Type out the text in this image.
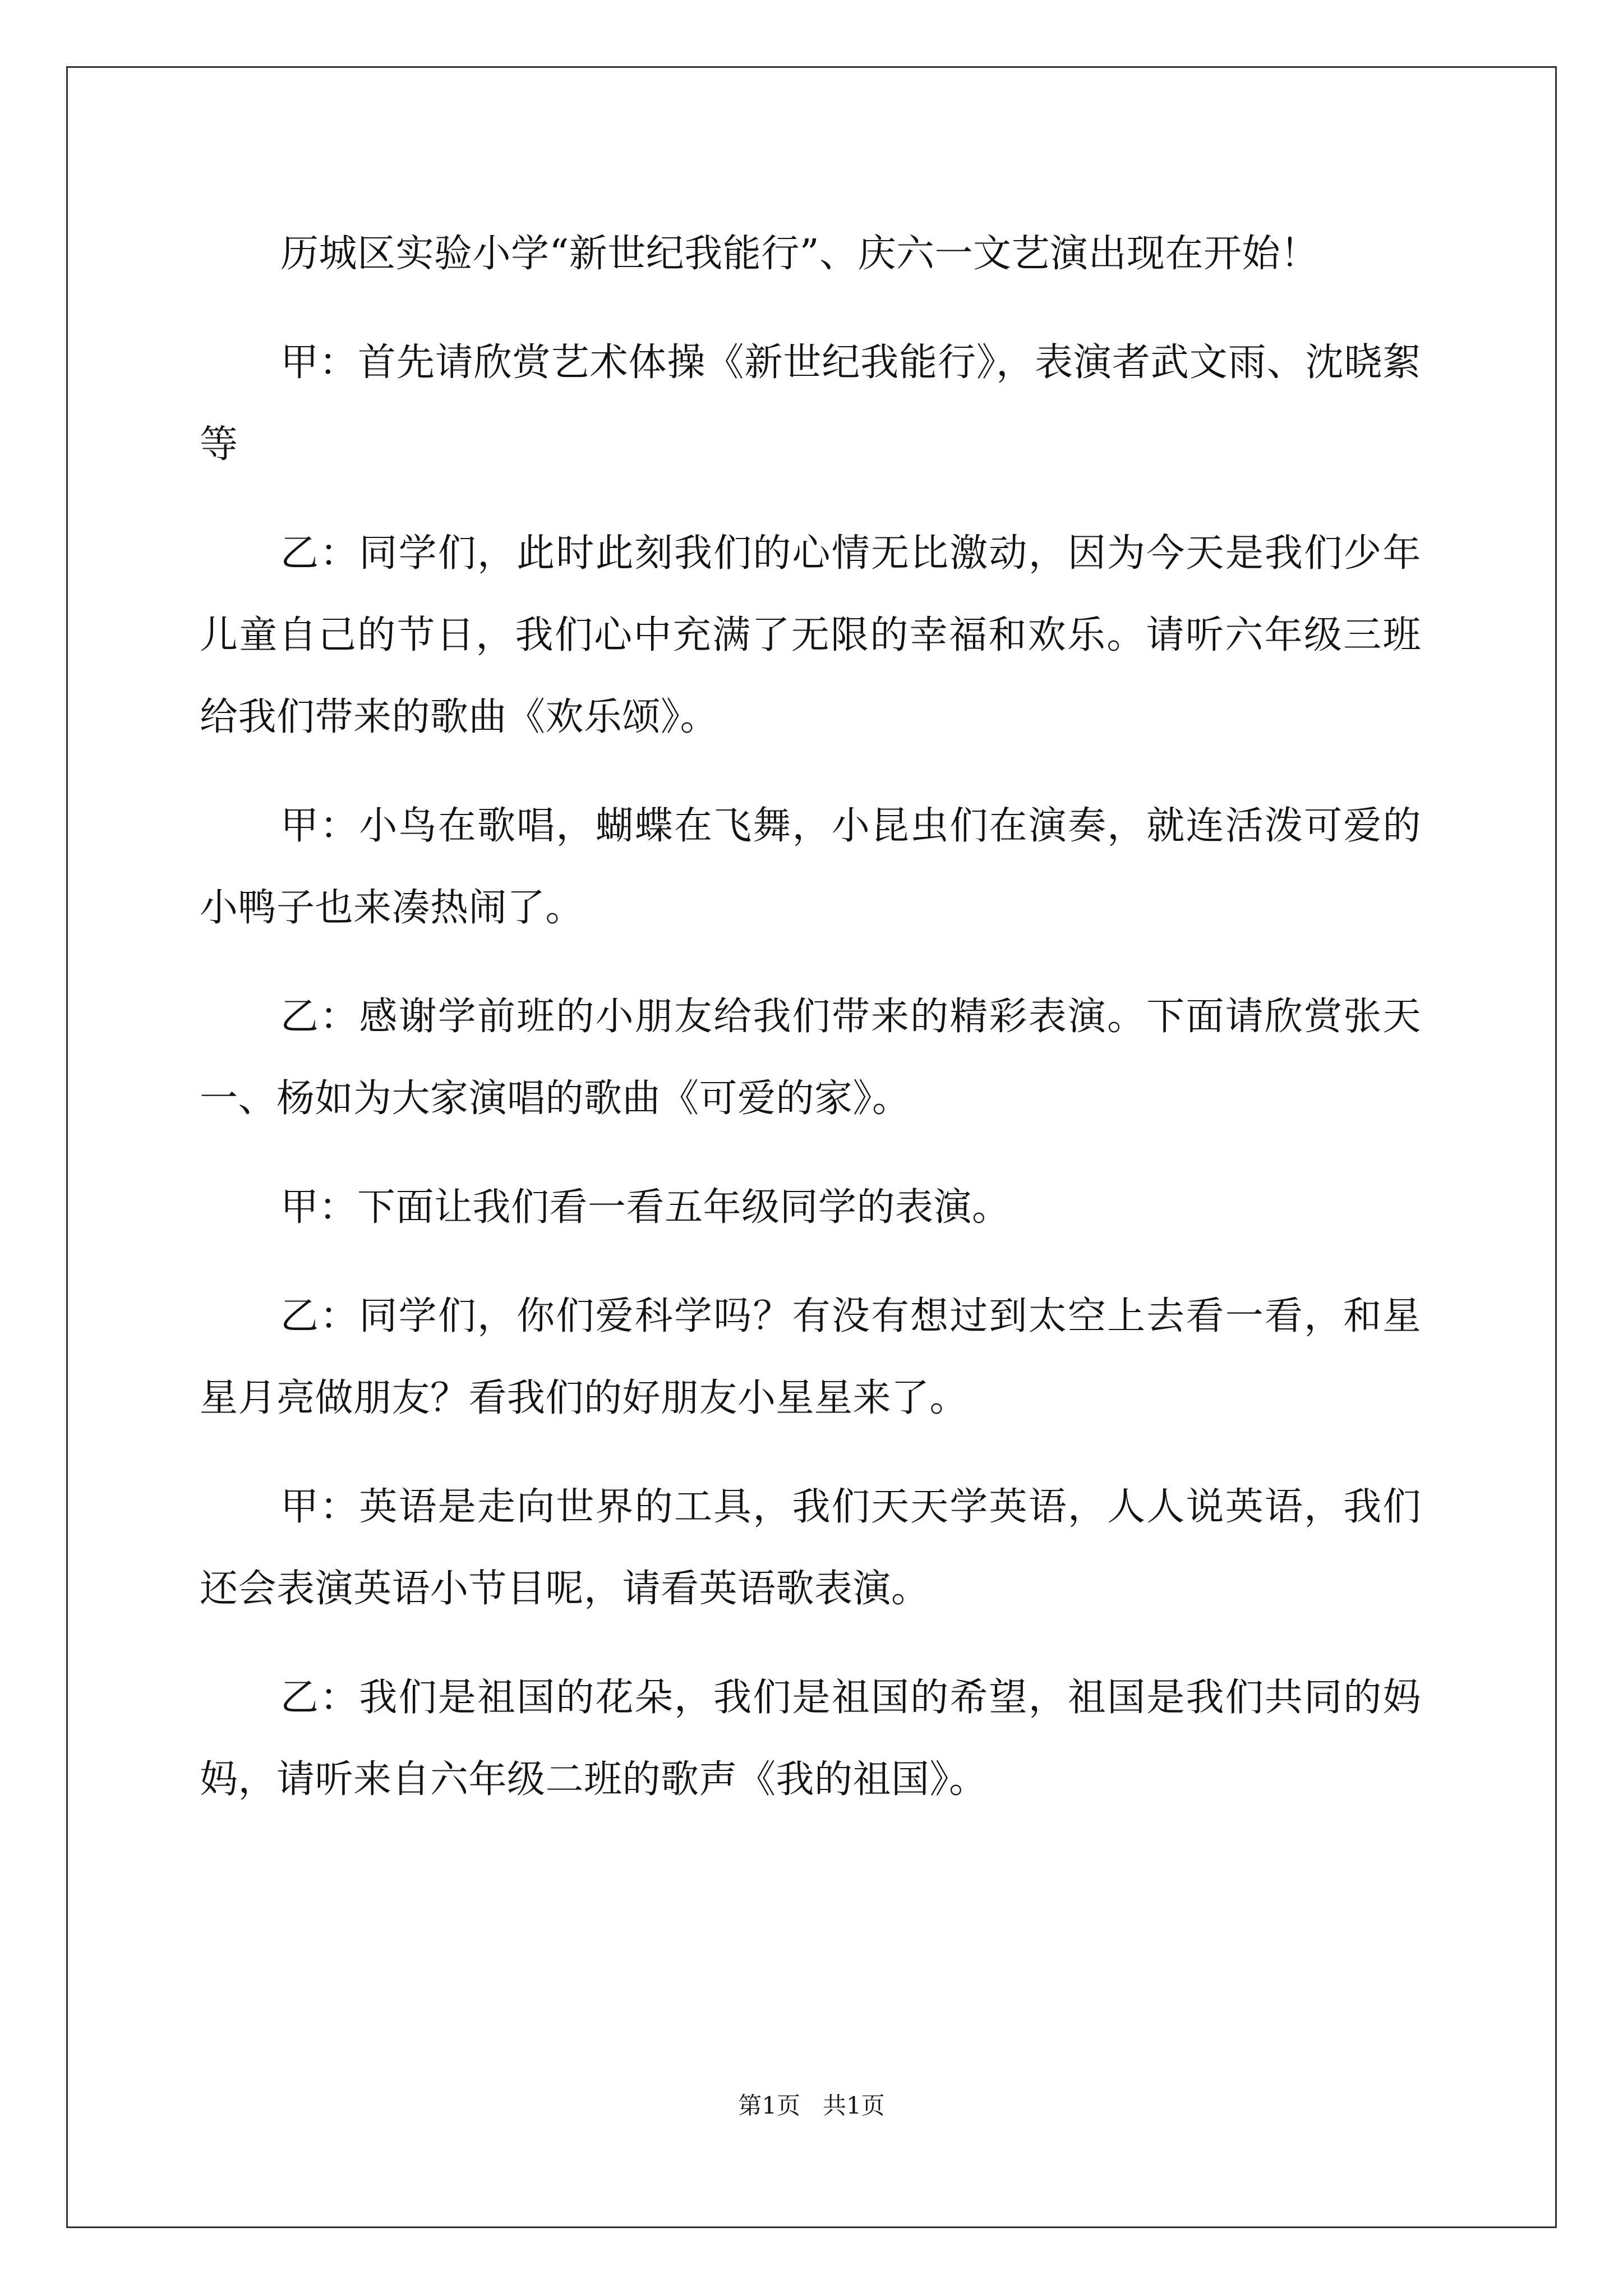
历城区实验小学“新世纪我能行”、庆六一文艺演出现在开始！

甲：首先请欣赏艺术体操《新世纪我能行》，表演者武文雨、沈晓絮等

乙：同学们，此时此刻我们的心情无比激动，因为今天是我们少年儿童自己的节日，我们心中充满了无限的幸福和欢乐。请听六年级三班给我们带来的歌曲《欢乐颂》。

甲：小鸟在歌唱，蝴蝶在飞舞，小昆虫们在演奏，就连活泼可爱的小鸭子也来凑热闹了。

乙：感谢学前班的小朋友给我们带来的精彩表演。下面请欣赏张天一、杨如为大家演唱的歌曲《可爱的家》。

甲：下面让我们看一看五年级同学的表演。

乙：同学们，你们爱科学吗？有没有想过到太空上去看一看，和星星月亮做朋友？看我们的好朋友小星星来了。

甲：英语是走向世界的工具，我们天天学英语，人人说英语，我们还会表演英语小节目呢，请看英语歌表演。

乙：我们是祖国的花朵，我们是祖国的希望，祖国是我们共同的妈妈，请听来自六年级二班的歌声《我的祖国》。

第1页   共1页
